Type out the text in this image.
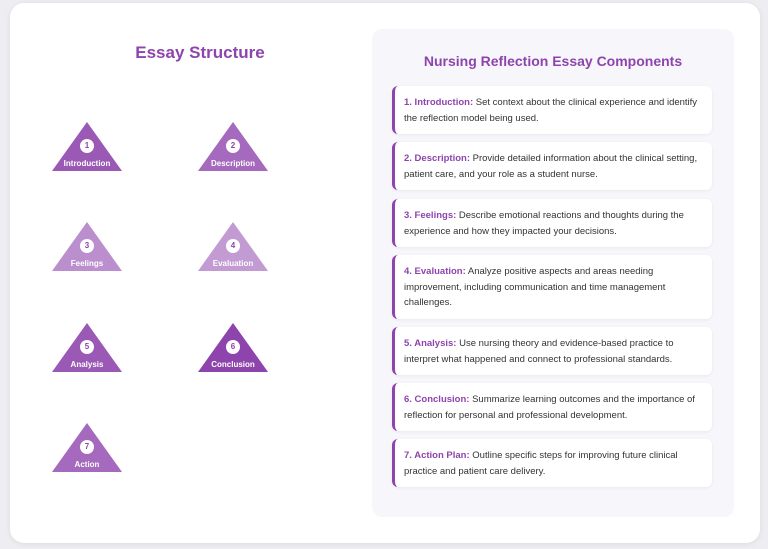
Essay Structure
1
Introduction
2
Description
3
Feelings
4
Evaluation
5
Analysis
6
Conclusion
7
Action
Nursing Reflection Essay Components
1. Introduction: Set context about the clinical experience and identify the reflection model being used.
2. Description: Provide detailed information about the clinical setting, patient care, and your role as a student nurse.
3. Feelings: Describe emotional reactions and thoughts during the experience and how they impacted your decisions.
4. Evaluation: Analyze positive aspects and areas needing improvement, including communication and time management challenges.
5. Analysis: Use nursing theory and evidence-based practice to interpret what happened and connect to professional standards.
6. Conclusion: Summarize learning outcomes and the importance of reflection for personal and professional development.
7. Action Plan: Outline specific steps for improving future clinical practice and patient care delivery.
